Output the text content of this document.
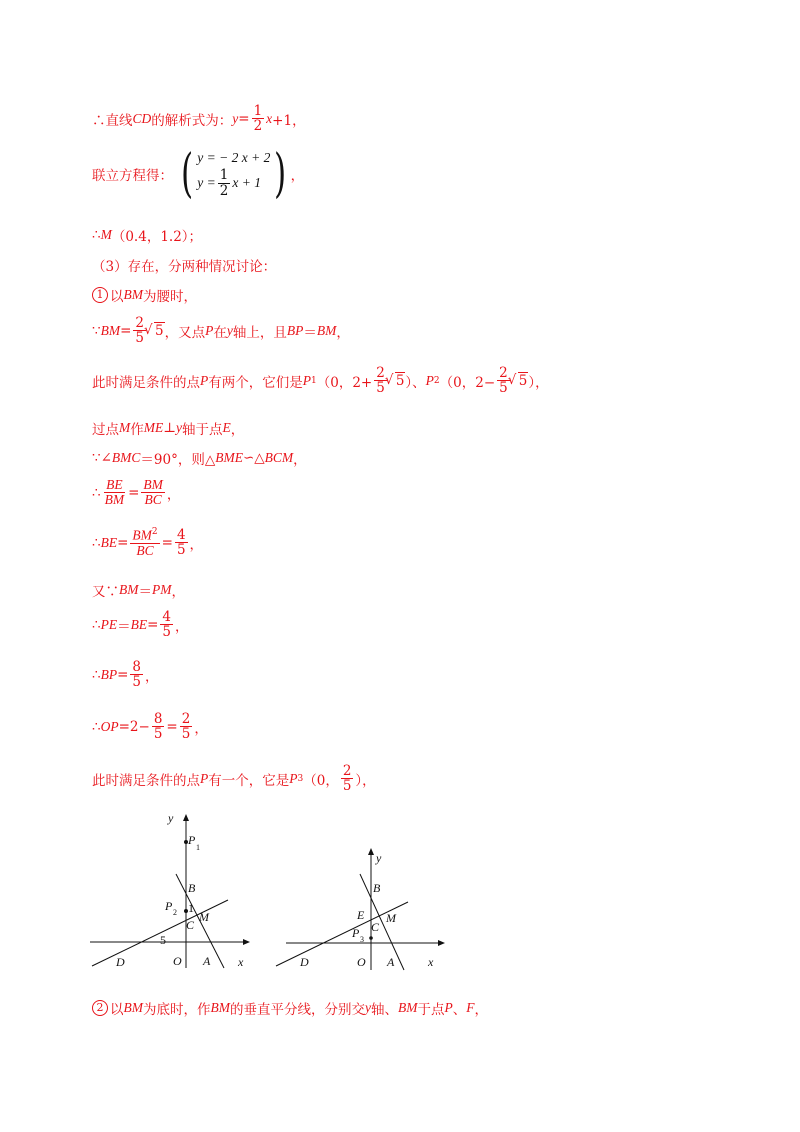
∴直线 CD 的解析式为： $y = \frac{1}{2}$ x +1，
联立方程得： ( y = − 2 x + 2
$y = \frac{1}{2}$ x + 1 ) ，
∴ M （0.4，1.2）；
（3）存在，分两种情况讨论：
1 以 BM 为腰时，
∵ BM = $\frac{2}{5}$ √ 5 ，又点 P 在 y 轴上，且 BP ＝ BM ，
此时满足条件的点 P 有两个，它们是 P 1 （0，$2+ \frac{2}{5}$ √ 5 ）、 P 2 （0，$2- \frac{2}{5}$ √ 5 ），
过点 M 作 ME ⊥ y 轴于点 E ，
∵∠ BMC ＝90°，则△ BME ∽△ BCM ，
∴ $\frac{BE}{BM} = \frac{BM}{BC}$ ，
∴ BE = $\frac{BM^2}{BC} = \frac{4}{5}$ ，
又∵ BM ＝ PM ，
∴ PE ＝ BE = $\frac{4}{5}$ ，
∴ BP = $\frac{8}{5}$ ，
∴ OP $=2- \frac{8}{5} = \frac{2}{5}$ ，
此时满足条件的点 P 有一个，它是 P 3 （0， $\frac{2}{5}$ ），
y
P
1
B
P 2 1
M
C
5
D	O A x
y
B
E M
C
P 3
D	O A	x
2 以 BM 为底时，作 BM 的垂直平分线，分别交 y 轴、 BM 于点 P 、 F ，
